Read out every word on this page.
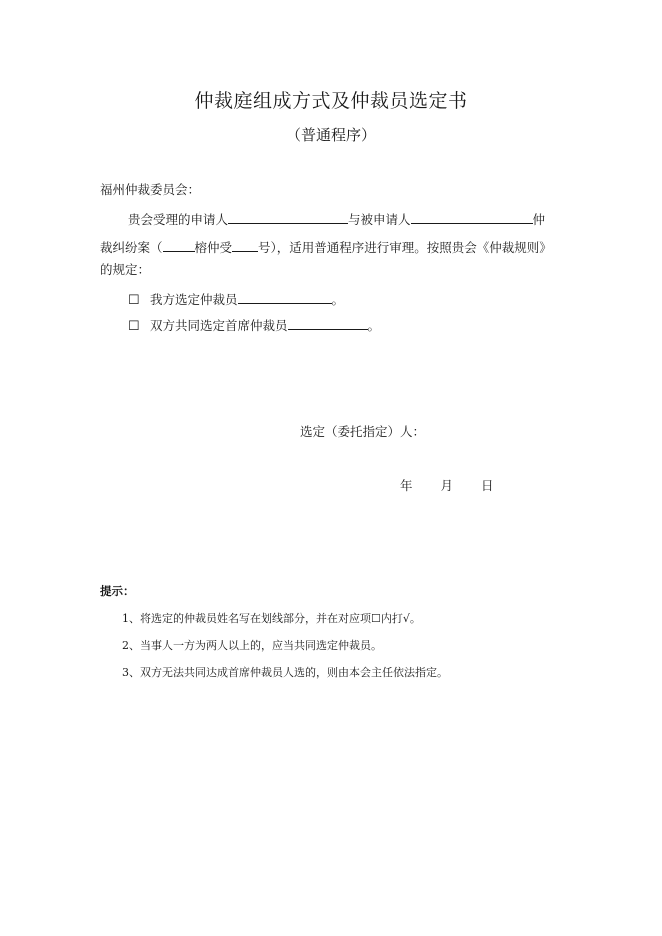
仲裁庭组成方式及仲裁员选定书
（普通程序）
福州仲裁委员会：
贵会受理的申请人	与被申请人	仲
裁纠纷案（	榕仲受 号），适用普通程序进行审理。按照贵会《仲裁规则》
的规定：
☐ 我方选定仲裁员	。
☐ 双方共同选定首席仲裁员	。
选定（委托指定）人：
年 月 日
提示：
1、将选定的仲裁员姓名写在划线部分，并在对应项☐内打√。
2、当事人一方为两人以上的，应当共同选定仲裁员。
3、双方无法共同达成首席仲裁员人选的，则由本会主任依法指定。
